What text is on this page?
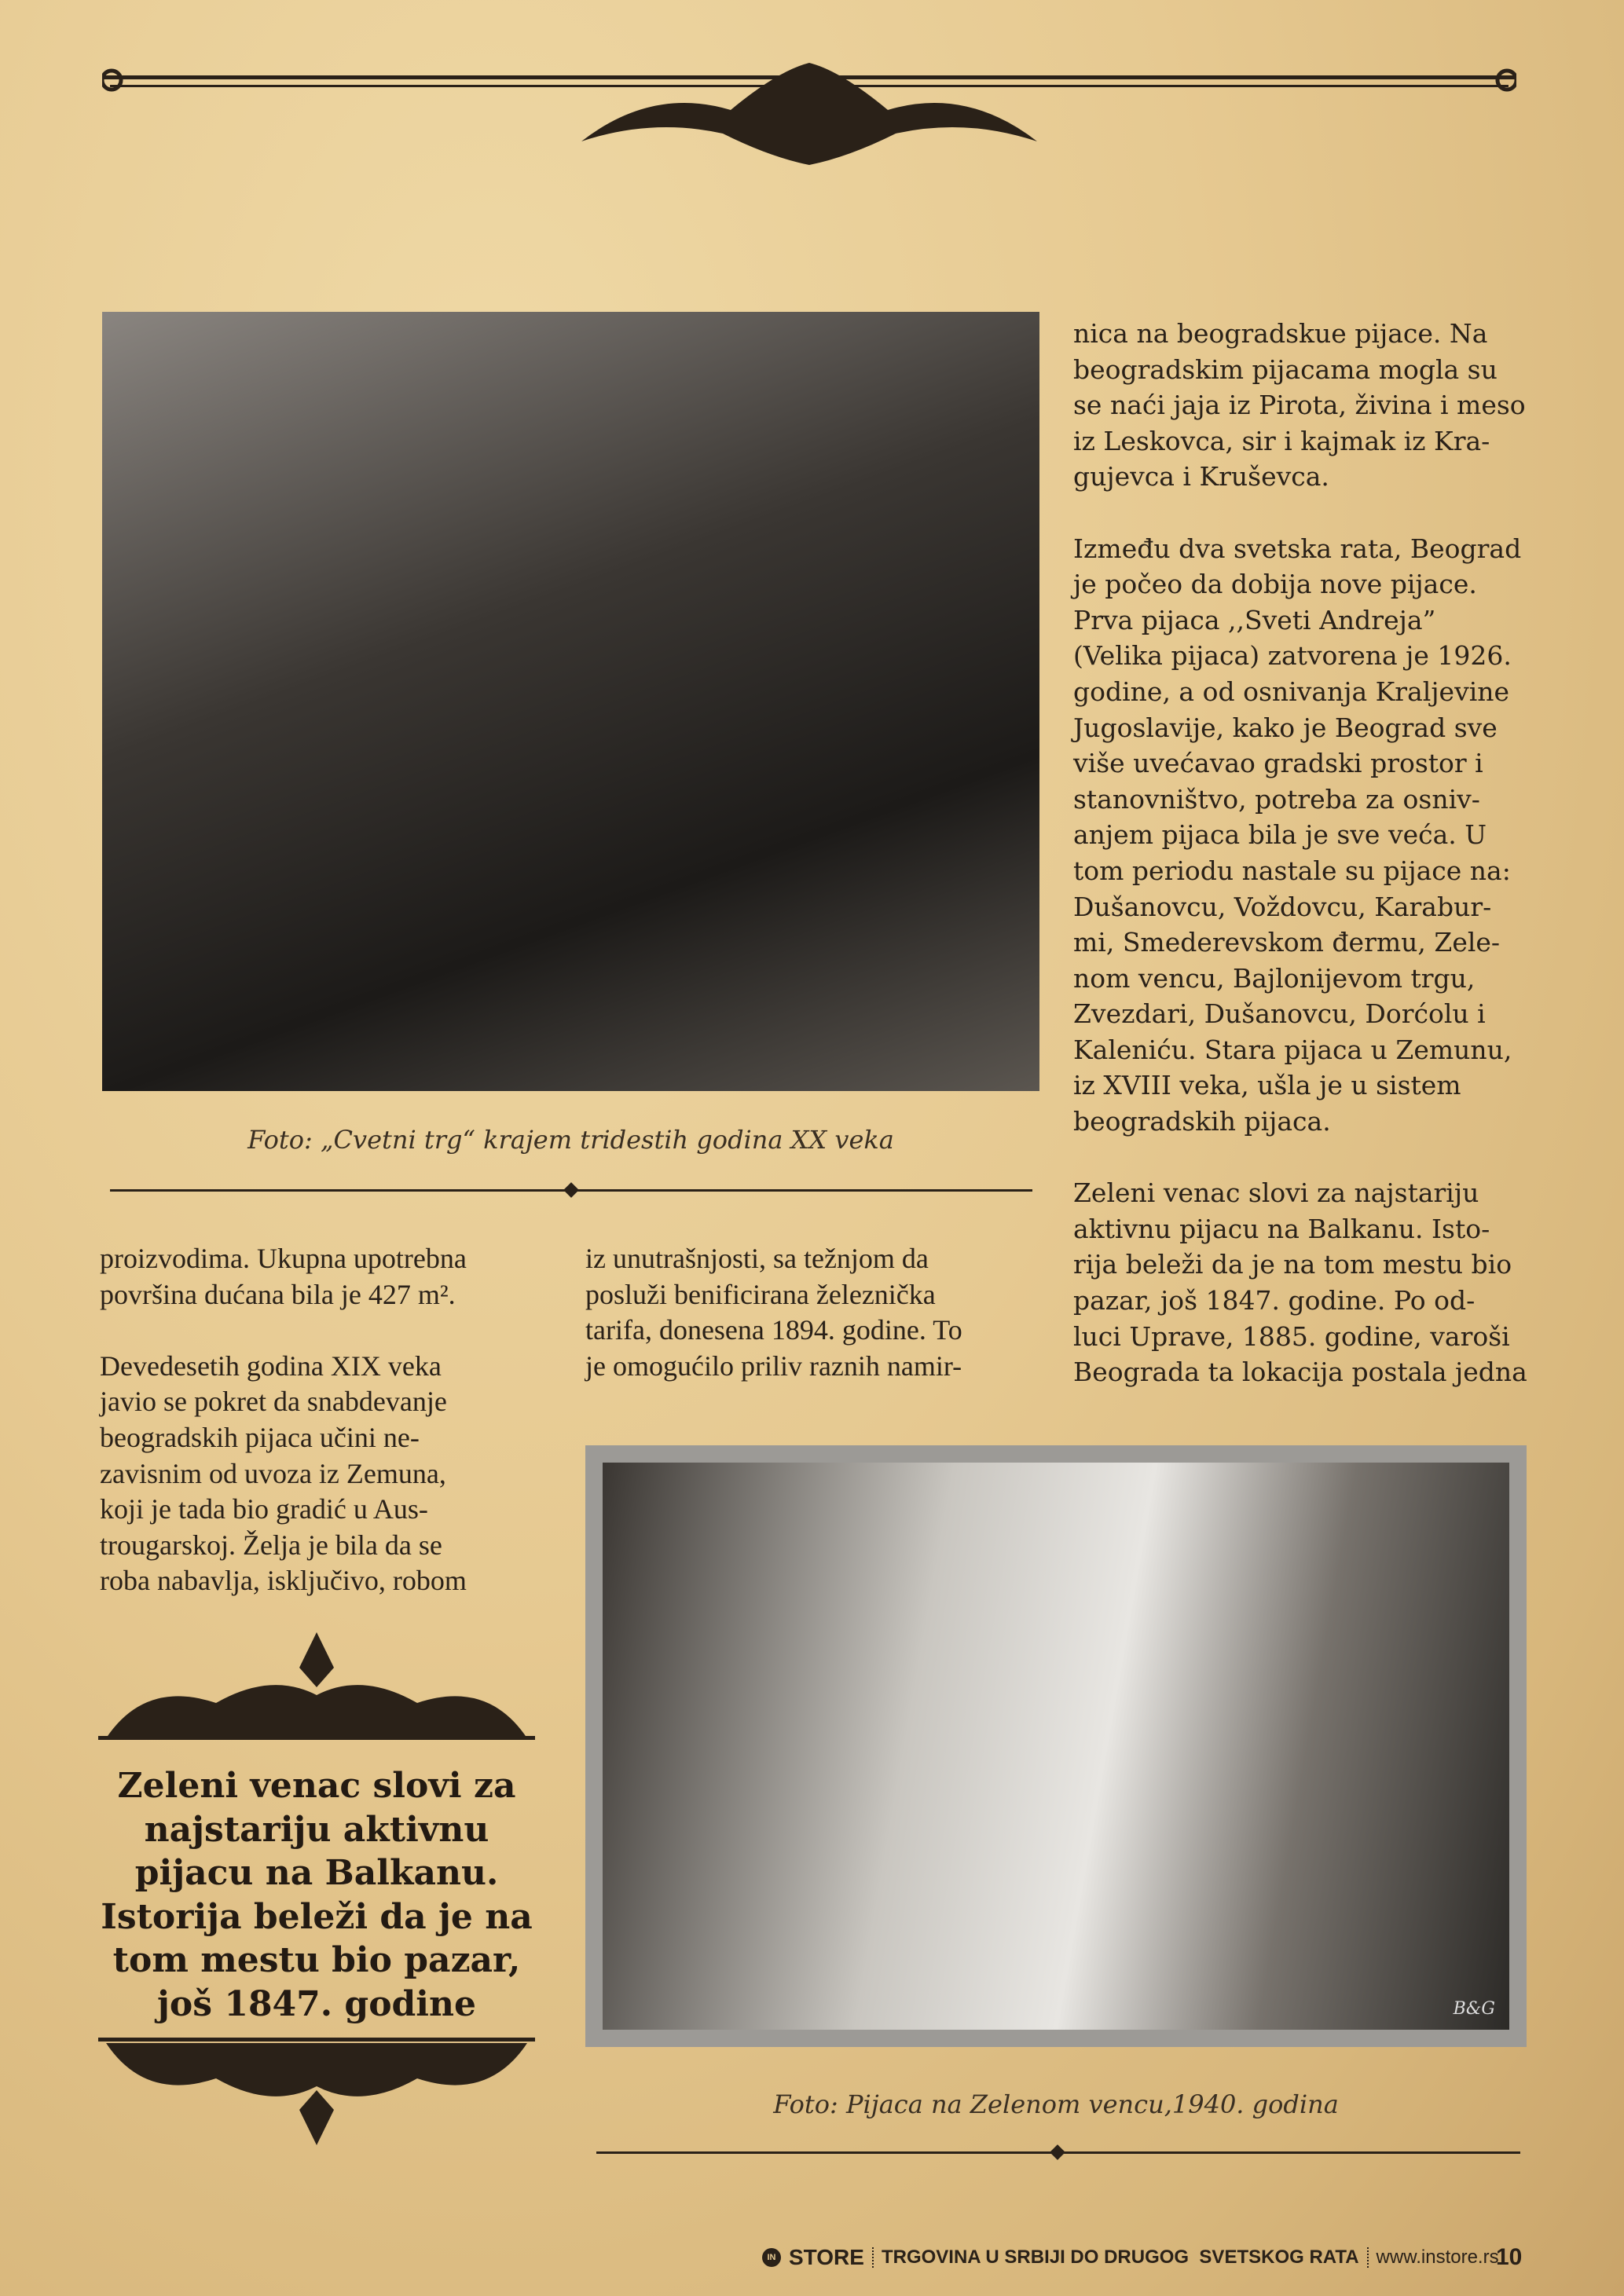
Foto: „Cvetni trg“ krajem tridestih godina XX veka
nica na beogradskue pijace. Na
beogradskim pijacama mogla su
se naći jaja iz Pirota, živina i meso
iz Leskovca, sir i kajmak iz Kra-
gujevca i Kruševca.
Između dva svetska rata, Beograd
je počeo da dobija nove pijace.
Prva pijaca ,,Sveti Andreja”
(Velika pijaca) zatvorena je 1926.
godine, a od osnivanja Kraljevine
Jugoslavije, kako je Beograd sve
više uvećavao gradski prostor i
stanovništvo, potreba za osniv-
anjem pijaca bila je sve veća. U
tom periodu nastale su pijace na:
Dušanovcu, Voždovcu, Karabur-
mi, Smederevskom đermu, Zele-
nom vencu, Bajlonijevom trgu,
Zvezdari, Dušanovcu, Dorćolu i
Kaleniću. Stara pijaca u Zemunu,
iz XVIII veka, ušla je u sistem
beogradskih pijaca.
Zeleni venac slovi za najstariju
aktivnu pijacu na Balkanu. Isto-
rija beleži da je na tom mestu bio
pazar, još 1847. godine. Po od-
luci Uprave, 1885. godine, varoši
Beograda ta lokacija postala jedna
proizvodima. Ukupna upotrebna
površina dućana bila je 427 m².
Devedesetih godina XIX veka
javio se pokret da snabdevanje
beogradskih pijaca učini ne-
zavisnim od uvoza iz Zemuna,
koji je tada bio gradić u Aus-
trougarskoj. Želja je bila da se
roba nabavlja, isključivo, robom
iz unutrašnjosti, sa težnjom da
posluži benificirana železnička
tarifa, donesena 1894. godine. To
je omogućilo priliv raznih namir-
B&G
Foto: Pijaca na Zelenom vencu,1940. godina
Zeleni venac slovi za najstariju aktivnu pijacu na Balkanu. Istorija beleži da je na tom mestu bio pazar, još 1847. godine
IN STORE TRGOVINA U SRBIJI DO DRUGOG  SVETSKOG RATA www.instore.rs
10
